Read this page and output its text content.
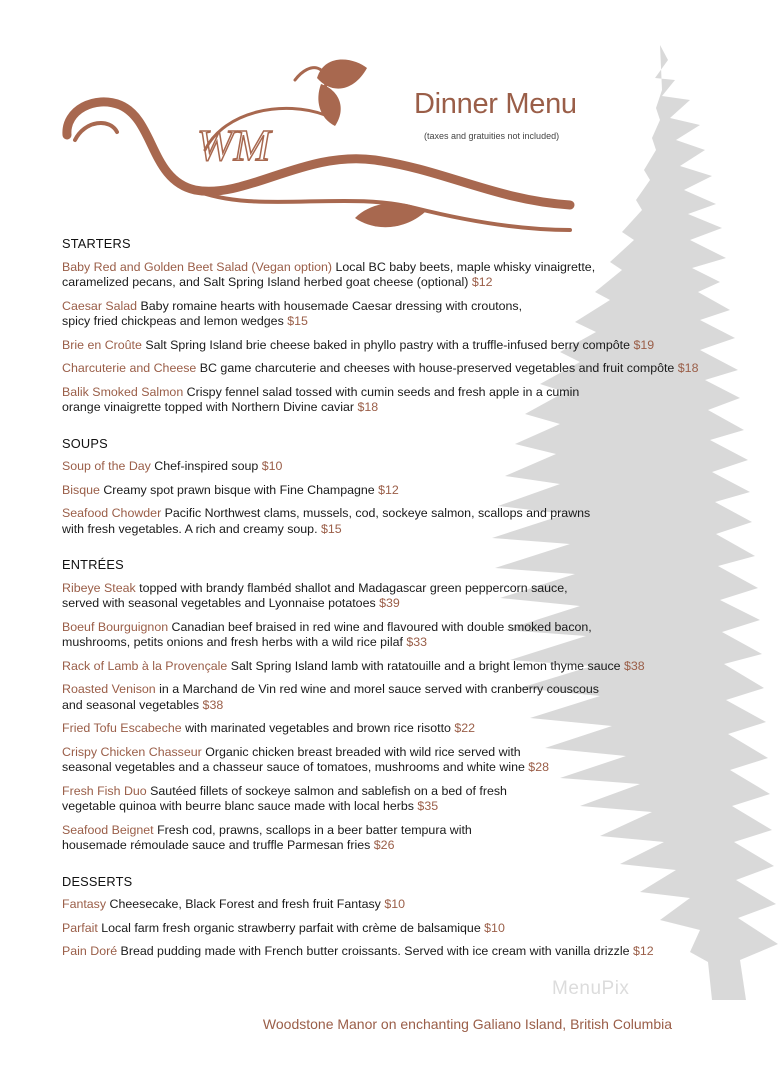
WM
Dinner Menu
(taxes and gratuities not included)
STARTERS
Baby Red and Golden Beet Salad (Vegan option) Local BC baby beets, maple whisky vinaigrette,
caramelized pecans, and Salt Spring Island herbed goat cheese (optional) $12
Caesar Salad Baby romaine hearts with housemade Caesar dressing with croutons,
spicy fried chickpeas and lemon wedges $15
Brie en Croûte Salt Spring Island brie cheese baked in phyllo pastry with a truffle-infused berry compôte $19
Charcuterie and Cheese BC game charcuterie and cheeses with house-preserved vegetables and fruit compôte $18
Balik Smoked Salmon Crispy fennel salad tossed with cumin seeds and fresh apple in a cumin
orange vinaigrette topped with Northern Divine caviar $18
SOUPS
Soup of the Day Chef-inspired soup $10
Bisque Creamy spot prawn bisque with Fine Champagne $12
Seafood Chowder Pacific Northwest clams, mussels, cod, sockeye salmon, scallops and prawns
with fresh vegetables. A rich and creamy soup. $15
ENTRÉES
Ribeye Steak topped with brandy flambéd shallot and Madagascar green peppercorn sauce,
served with seasonal vegetables and Lyonnaise potatoes $39
Boeuf Bourguignon Canadian beef braised in red wine and flavoured with double smoked bacon,
mushrooms, petits onions and fresh herbs with a wild rice pilaf $33
Rack of Lamb à la Provençale Salt Spring Island lamb with ratatouille and a bright lemon thyme sauce $38
Roasted Venison in a Marchand de Vin red wine and morel sauce served with cranberry couscous
and seasonal vegetables $38
Fried Tofu Escabeche with marinated vegetables and brown rice risotto $22
Crispy Chicken Chasseur Organic chicken breast breaded with wild rice served with
seasonal vegetables and a chasseur sauce of tomatoes, mushrooms and white wine $28
Fresh Fish Duo Sautéed fillets of sockeye salmon and sablefish on a bed of fresh
vegetable quinoa with beurre blanc sauce made with local herbs $35
Seafood Beignet Fresh cod, prawns, scallops in a beer batter tempura with
housemade rémoulade sauce and truffle Parmesan fries $26
DESSERTS
Fantasy Cheesecake, Black Forest and fresh fruit Fantasy $10
Parfait Local farm fresh organic strawberry parfait with crème de balsamique $10
Pain Doré Bread pudding made with French butter croissants. Served with ice cream with vanilla drizzle $12
MenuPix
Woodstone Manor on enchanting Galiano Island, British Columbia
